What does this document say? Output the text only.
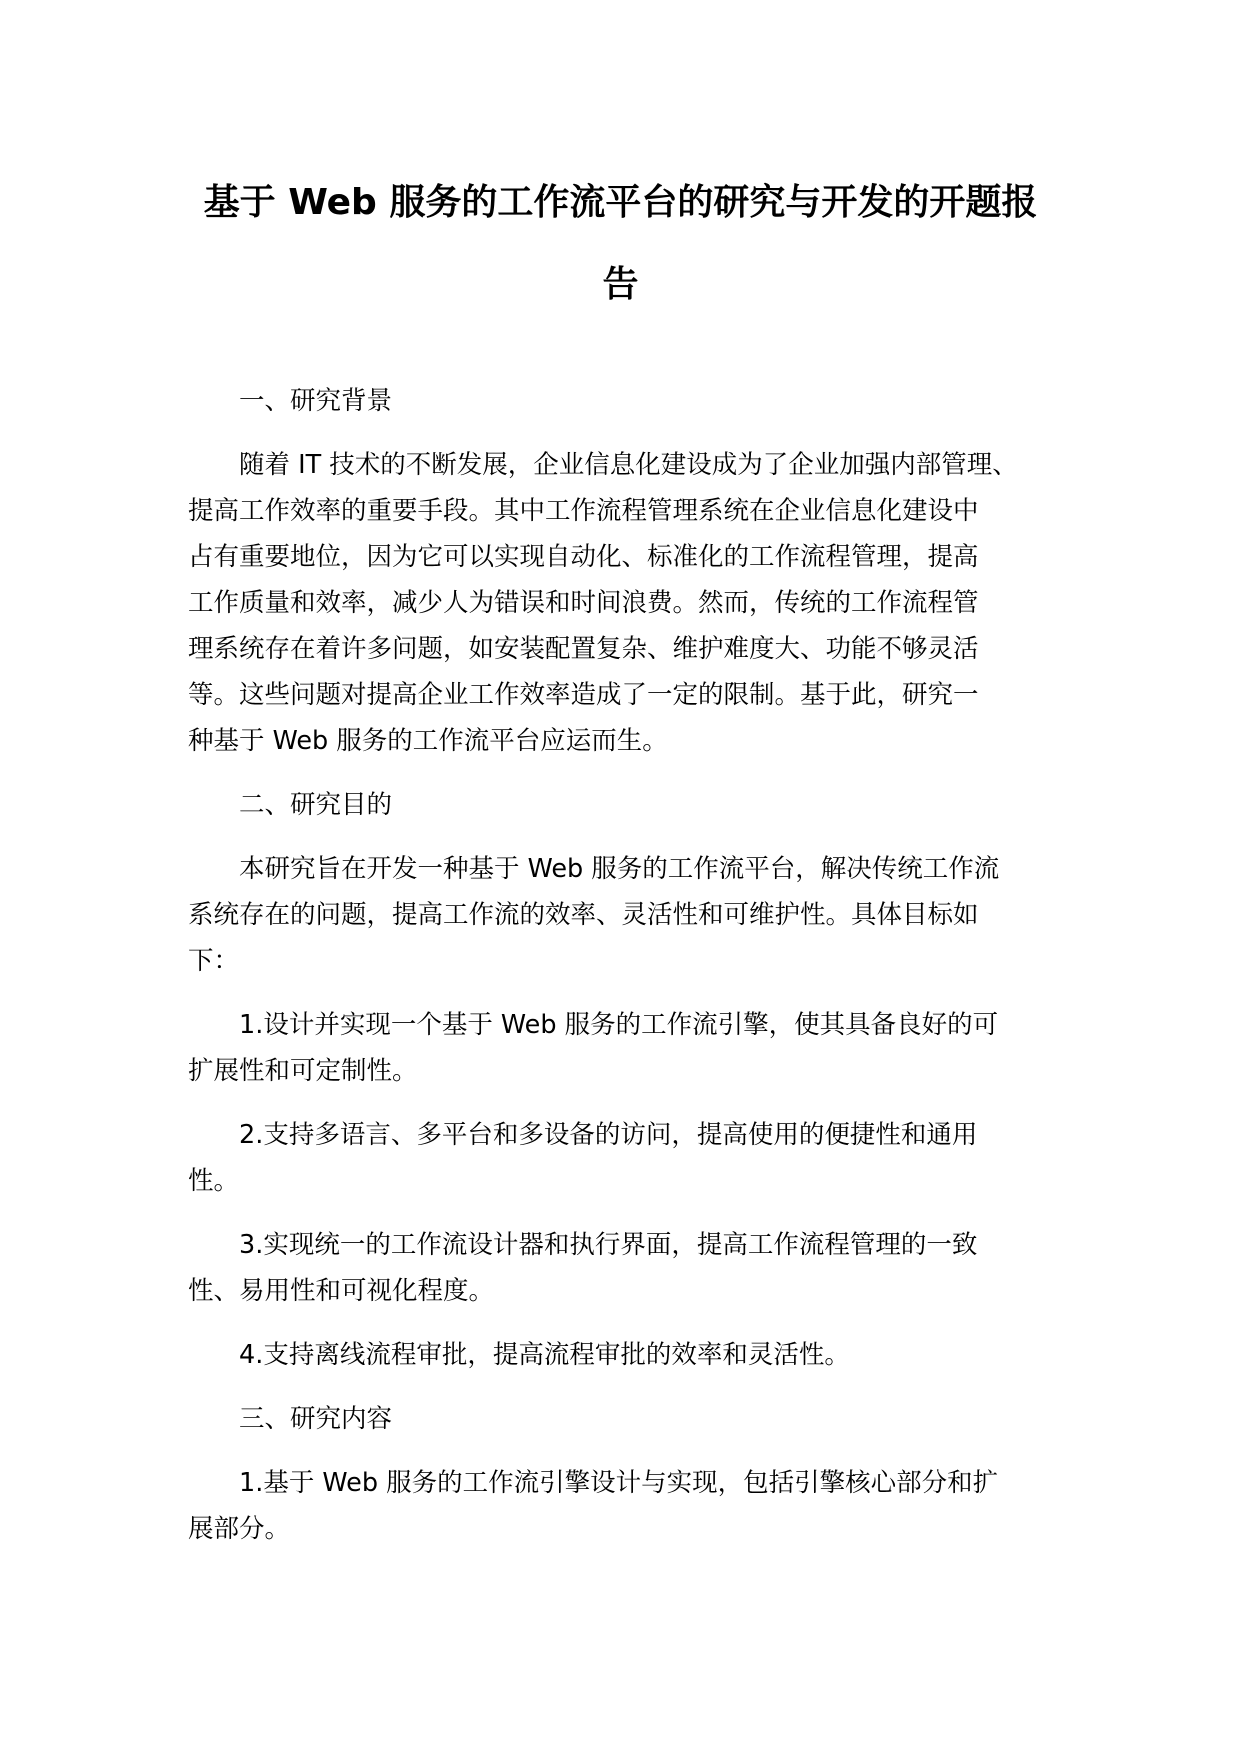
基于 Web 服务的工作流平台的研究与开发的开题报
告

一、研究背景

随着 IT 技术的不断发展，企业信息化建设成为了企业加强内部管理、
提高工作效率的重要手段。其中工作流程管理系统在企业信息化建设中
占有重要地位，因为它可以实现自动化、标准化的工作流程管理，提高
工作质量和效率，减少人为错误和时间浪费。然而，传统的工作流程管
理系统存在着许多问题，如安装配置复杂、维护难度大、功能不够灵活
等。这些问题对提高企业工作效率造成了一定的限制。基于此，研究一
种基于 Web 服务的工作流平台应运而生。

二、研究目的

本研究旨在开发一种基于 Web 服务的工作流平台，解决传统工作流
系统存在的问题，提高工作流的效率、灵活性和可维护性。具体目标如
下：

1.设计并实现一个基于 Web 服务的工作流引擎，使其具备良好的可
扩展性和可定制性。

2.支持多语言、多平台和多设备的访问，提高使用的便捷性和通用
性。

3.实现统一的工作流设计器和执行界面，提高工作流程管理的一致
性、易用性和可视化程度。

4.支持离线流程审批，提高流程审批的效率和灵活性。

三、研究内容

1.基于 Web 服务的工作流引擎设计与实现，包括引擎核心部分和扩
展部分。
